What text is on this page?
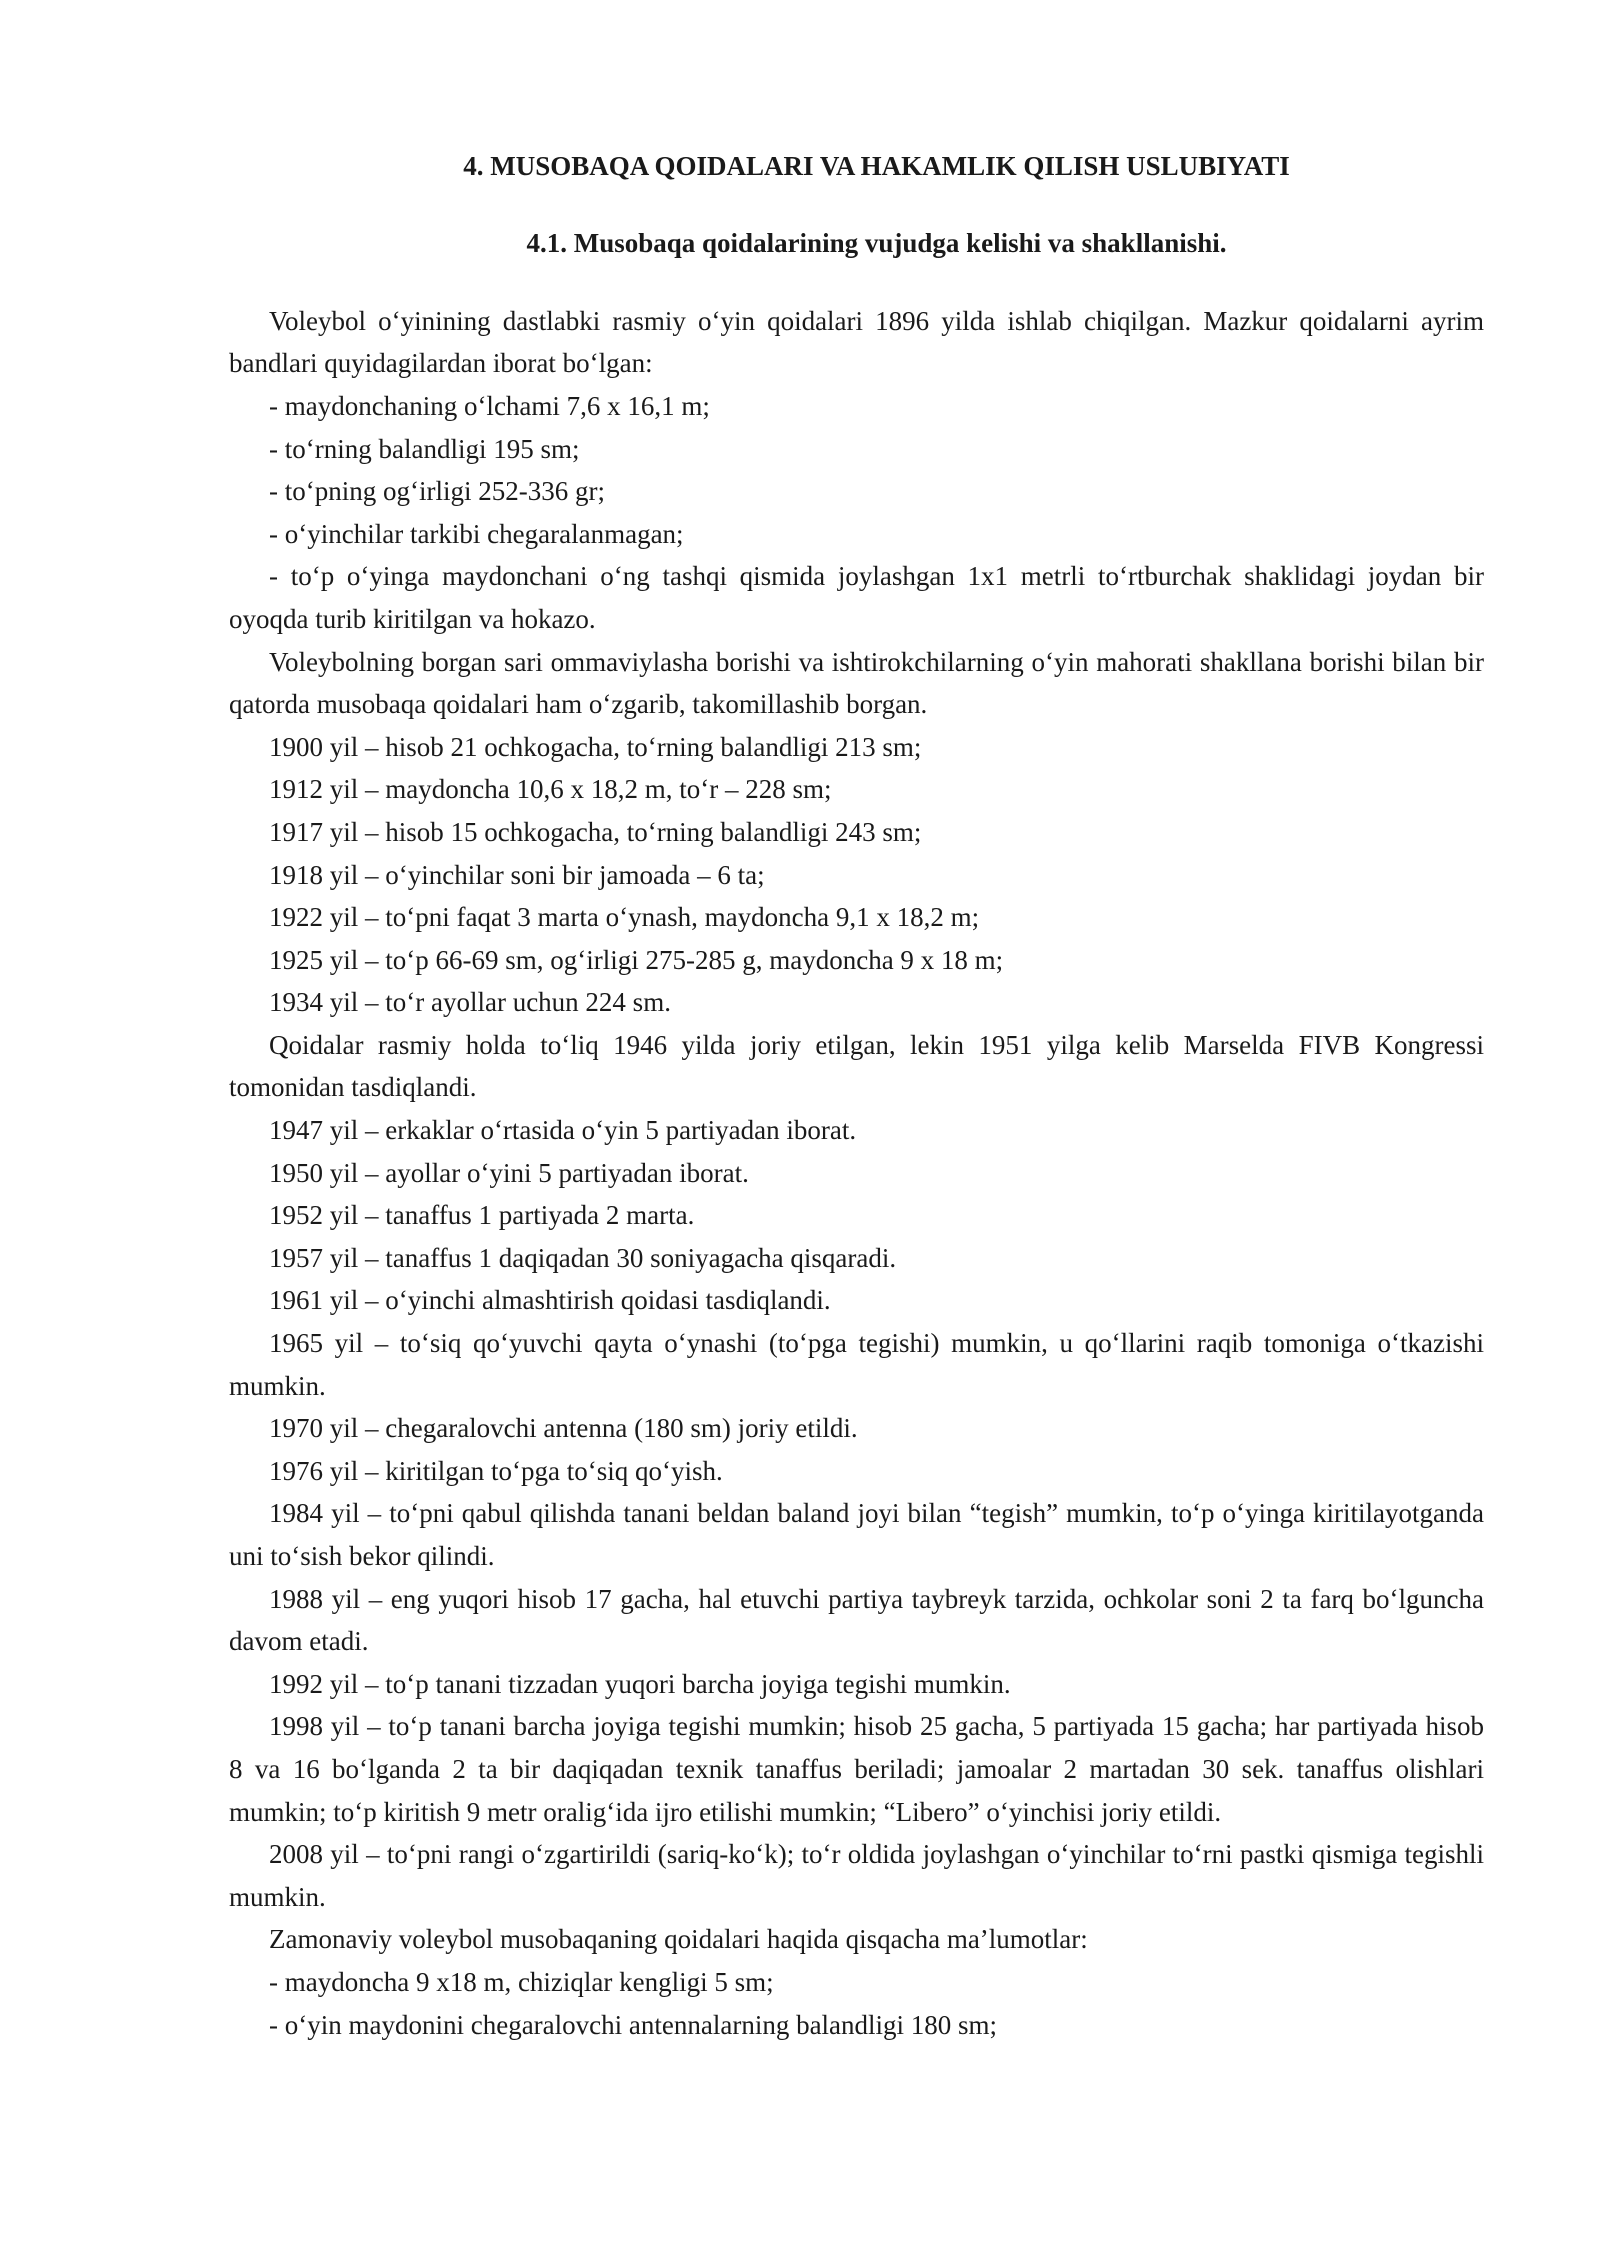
4. MUSOBAQA QOIDALARI VA HAKAMLIK QILISH USLUBIYATI
4.1. Musobaqa qoidalarining vujudga kelishi va shakllanishi.

Voleybol o‘yinining dastlabki rasmiy o‘yin qoidalari 1896 yilda ishlab chiqilgan. Mazkur qoidalarni ayrim bandlari quyidagilardan iborat bo‘lgan:

- maydonchaning o‘lchami 7,6 x 16,1 m;

- to‘rning balandligi 195 sm;

- to‘pning og‘irligi 252-336 gr;

- o‘yinchilar tarkibi chegaralanmagan;

- to‘p o‘yinga maydonchani o‘ng tashqi qismida joylashgan 1x1 metrli to‘rtburchak shaklidagi joydan bir oyoqda turib kiritilgan va hokazo.

Voleybolning borgan sari ommaviylasha borishi va ishtirokchilarning o‘yin mahorati shakllana borishi bilan bir qatorda musobaqa qoidalari ham o‘zgarib, takomillashib borgan.

1900 yil – hisob 21 ochkogacha, to‘rning balandligi 213 sm;

1912 yil – maydoncha 10,6 x 18,2 m, to‘r – 228 sm;

1917 yil – hisob 15 ochkogacha, to‘rning balandligi 243 sm;

1918 yil – o‘yinchilar soni bir jamoada – 6 ta;

1922 yil – to‘pni faqat 3 marta o‘ynash, maydoncha 9,1 x 18,2 m;

1925 yil – to‘p 66-69 sm, og‘irligi 275-285 g, maydoncha 9 x 18 m;

1934 yil – to‘r ayollar uchun 224 sm.

Qoidalar rasmiy holda to‘liq 1946 yilda joriy etilgan, lekin 1951 yilga kelib Marselda FIVB Kongressi tomonidan tasdiqlandi.

1947 yil – erkaklar o‘rtasida o‘yin 5 partiyadan iborat.

1950 yil – ayollar o‘yini 5 partiyadan iborat.

1952 yil – tanaffus 1 partiyada 2 marta.

1957 yil – tanaffus 1 daqiqadan 30 soniyagacha qisqaradi.

1961 yil – o‘yinchi almashtirish qoidasi tasdiqlandi.

1965 yil – to‘siq qo‘yuvchi qayta o‘ynashi (to‘pga tegishi) mumkin, u qo‘llarini raqib tomoniga o‘tkazishi mumkin.

1970 yil – chegaralovchi antenna (180 sm) joriy etildi.

1976 yil – kiritilgan to‘pga to‘siq qo‘yish.

1984 yil – to‘pni qabul qilishda tanani beldan baland joyi bilan “tegish” mumkin, to‘p o‘yinga kiritilayotganda uni to‘sish bekor qilindi.

1988 yil – eng yuqori hisob 17 gacha, hal etuvchi partiya taybreyk tarzida, ochkolar soni 2 ta farq bo‘lguncha davom etadi.

1992 yil – to‘p tanani tizzadan yuqori barcha joyiga tegishi mumkin.

1998 yil – to‘p tanani barcha joyiga tegishi mumkin; hisob 25 gacha, 5 partiyada 15 gacha; har partiyada hisob 8 va 16 bo‘lganda 2 ta bir daqiqadan texnik tanaffus beriladi; jamoalar 2 martadan 30 sek. tanaffus olishlari mumkin; to‘p kiritish 9 metr oralig‘ida ijro etilishi mumkin; “Libero” o‘yinchisi joriy etildi.

2008 yil – to‘pni rangi o‘zgartirildi (sariq-ko‘k); to‘r oldida joylashgan o‘yinchilar to‘rni pastki qismiga tegishli mumkin.

Zamonaviy voleybol musobaqaning qoidalari haqida qisqacha ma’lumotlar:

- maydoncha 9 x18 m, chiziqlar kengligi 5 sm;

- o‘yin maydonini chegaralovchi antennalarning balandligi 180 sm;
